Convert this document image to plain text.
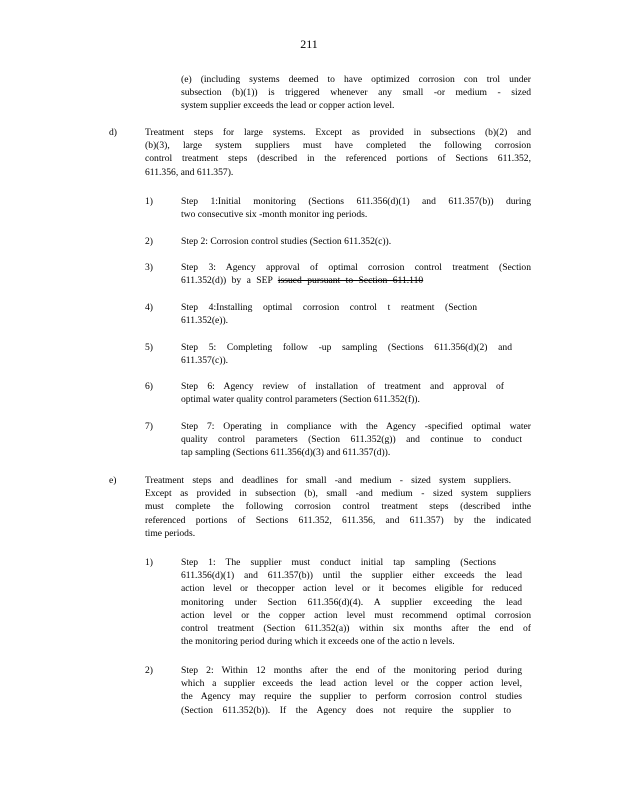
211
(e) (including systems deemed to have optimized corrosion con trol under
subsection (b)(1)) is triggered whenever any small -or medium - sized
system supplier exceeds the lead or copper action level.
d)	Treatment steps for large systems. Except as provided in subsections (b)(2) and
(b)(3), large system suppliers must have completed the following corrosion
control treatment steps (described in the referenced portions of Sections 611.352,
611.356, and 611.357).
1)	Step 1:Initial monitoring (Sections 611.356(d)(1) and 611.357(b)) during
two consecutive six -month monitor ing periods.
2)	Step 2: Corrosion control studies (Section 611.352(c)).
3)	Step 3: Agency approval of optimal corrosion control treatment (Section
611.352(d)) by a SEP issued pursuant to Section 611.110
4)	Step 4:Installing optimal corrosion control t reatment (Section
611.352(e)).
5)	Step 5: Completing follow -up sampling (Sections 611.356(d)(2) and
611.357(c)).
6)	Step 6: Agency review of installation of treatment and approval of
optimal water quality control parameters (Section 611.352(f)).
7)	Step 7: Operating in compliance with the Agency -specified optimal water
quality control parameters (Section 611.352(g)) and continue to conduct
tap sampling (Sections 611.356(d)(3) and 611.357(d)).
e)	Treatment steps and deadlines for small -and medium - sized system suppliers.
Except as provided in subsection (b), small -and medium - sized system suppliers
must complete the following corrosion control treatment steps (described inthe
referenced portions of Sections 611.352, 611.356, and 611.357) by the indicated
time periods.
1)	Step 1: The supplier must conduct initial tap sampling (Sections
611.356(d)(1) and 611.357(b)) until the supplier either exceeds the lead
action level or thecopper action level or it becomes eligible for reduced
monitoring under Section 611.356(d)(4). A supplier exceeding the lead
action level or the copper action level must recommend optimal corrosion
control treatment (Section 611.352(a)) within six months after the end of
the monitoring period during which it exceeds one of the actio n levels.
2)	Step 2: Within 12 months after the end of the monitoring period during
which a supplier exceeds the lead action level or the copper action level,
the Agency may require the supplier to perform corrosion control studies
(Section 611.352(b)). If the Agency does not require the supplier to
